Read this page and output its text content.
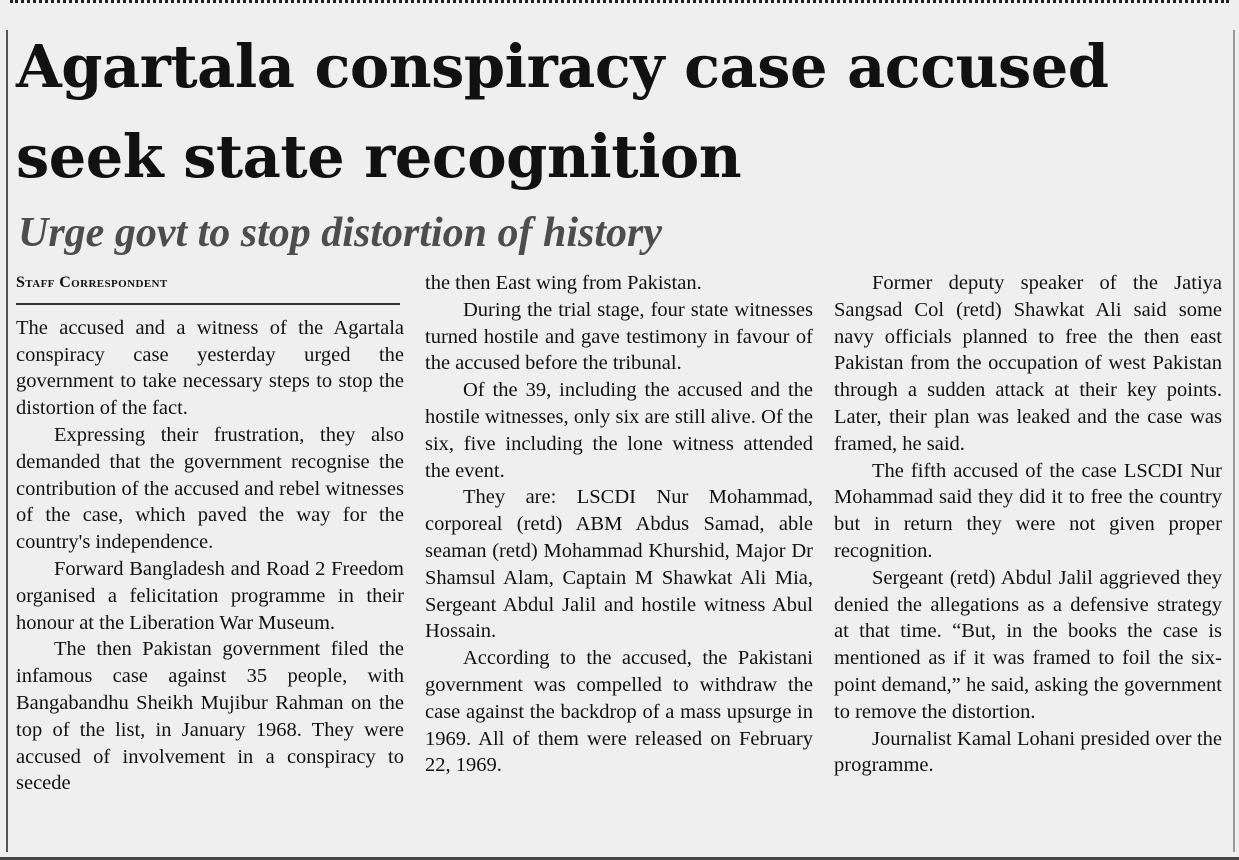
Agartala conspiracy case accused seek state recognition
Urge govt to stop distortion of history
Staff Correspondent

The accused and a witness of the Agartala conspiracy case yesterday urged the government to take necessary steps to stop the distortion of the fact.

Expressing their frustration, they also demanded that the government recognise the contribution of the accused and rebel witnesses of the case, which paved the way for the country's independence.

Forward Bangladesh and Road 2 Freedom organised a felicitation programme in their honour at the Liberation War Museum.

The then Pakistan government filed the infamous case against 35 people, with Bangabandhu Sheikh Mujibur Rahman on the top of the list, in January 1968. They were accused of involvement in a conspiracy to secede

the then East wing from Pakistan.

During the trial stage, four state witnesses turned hostile and gave testimony in favour of the accused before the tribunal.

Of the 39, including the accused and the hostile witnesses, only six are still alive. Of the six, five including the lone witness attended the event.

They are: LSCDI Nur Mohammad, corporeal (retd) ABM Abdus Samad, able seaman (retd) Mohammad Khurshid, Major Dr Shamsul Alam, Captain M Shawkat Ali Mia, Sergeant Abdul Jalil and hostile witness Abul Hossain.

According to the accused, the Pakistani government was compelled to withdraw the case against the backdrop of a mass upsurge in 1969. All of them were released on February 22, 1969.

Former deputy speaker of the Jatiya Sangsad Col (retd) Shawkat Ali said some navy officials planned to free the then east Pakistan from the occupation of west Pakistan through a sudden attack at their key points. Later, their plan was leaked and the case was framed, he said.

The fifth accused of the case LSCDI Nur Mohammad said they did it to free the country but in return they were not given proper recognition.

Sergeant (retd) Abdul Jalil aggrieved they denied the allegations as a defensive strategy at that time. “But, in the books the case is mentioned as if it was framed to foil the six-point demand,” he said, asking the government to remove the distortion.

Journalist Kamal Lohani presided over the programme.
